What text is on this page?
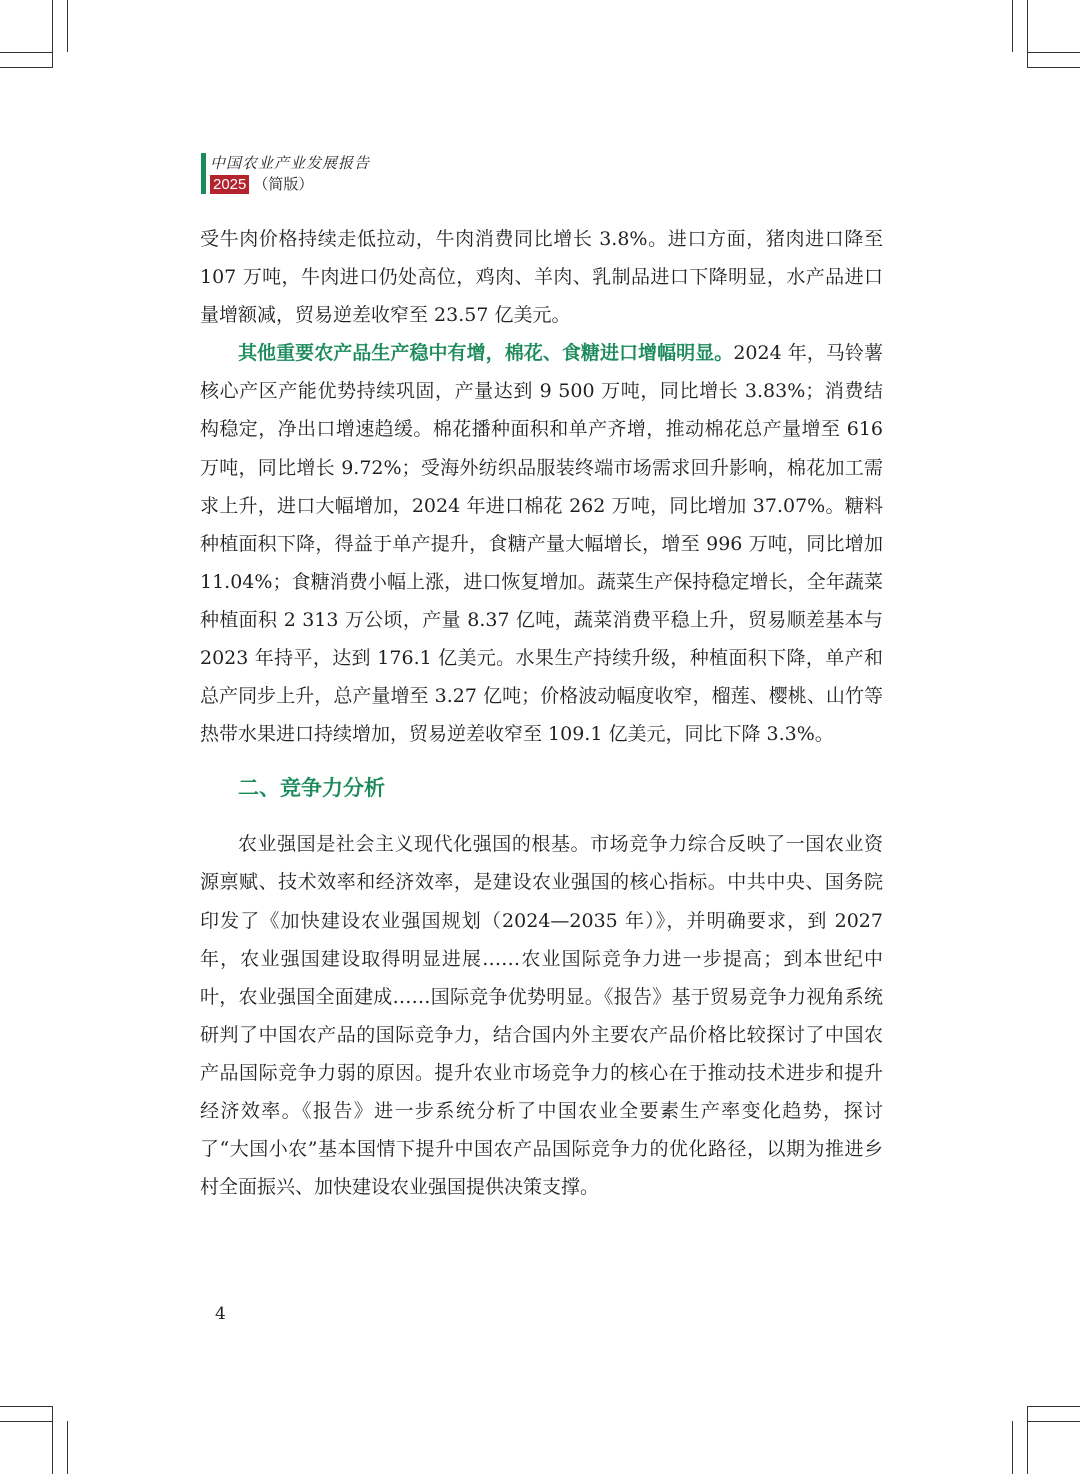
中国农业产业发展报告
2025 （简版）

受牛肉价格持续走低拉动，牛肉消费同比增长 3.8%。进口方面，猪肉进口降至 107 万吨，牛肉进口仍处高位，鸡肉、羊肉、乳制品进口下降明显，水产品进口量增额减，贸易逆差收窄至 23.57 亿美元。

其他重要农产品生产稳中有增，棉花、食糖进口增幅明显。2024 年，马铃薯核心产区产能优势持续巩固，产量达到 9 500 万吨，同比增长 3.83%；消费结构稳定，净出口增速趋缓。棉花播种面积和单产齐增，推动棉花总产量增至 616 万吨，同比增长 9.72%；受海外纺织品服装终端市场需求回升影响，棉花加工需求上升，进口大幅增加，2024 年进口棉花 262 万吨，同比增加 37.07%。糖料种植面积下降，得益于单产提升，食糖产量大幅增长，增至 996 万吨，同比增加 11.04%；食糖消费小幅上涨，进口恢复增加。蔬菜生产保持稳定增长，全年蔬菜种植面积 2 313 万公顷，产量 8.37 亿吨，蔬菜消费平稳上升，贸易顺差基本与 2023 年持平，达到 176.1 亿美元。水果生产持续升级，种植面积下降，单产和总产同步上升，总产量增至 3.27 亿吨；价格波动幅度收窄，榴莲、樱桃、山竹等热带水果进口持续增加，贸易逆差收窄至 109.1 亿美元，同比下降 3.3%。

二、竞争力分析

农业强国是社会主义现代化强国的根基。市场竞争力综合反映了一国农业资源禀赋、技术效率和经济效率，是建设农业强国的核心指标。中共中央、国务院印发了《加快建设农业强国规划（2024—2035 年）》，并明确要求，到 2027 年，农业强国建设取得明显进展……农业国际竞争力进一步提高；到本世纪中叶，农业强国全面建成……国际竞争优势明显。《报告》基于贸易竞争力视角系统研判了中国农产品的国际竞争力，结合国内外主要农产品价格比较探讨了中国农产品国际竞争力弱的原因。提升农业市场竞争力的核心在于推动技术进步和提升经济效率。《报告》进一步系统分析了中国农业全要素生产率变化趋势，探讨了“大国小农”基本国情下提升中国农产品国际竞争力的优化路径，以期为推进乡村全面振兴、加快建设农业强国提供决策支撑。

4
